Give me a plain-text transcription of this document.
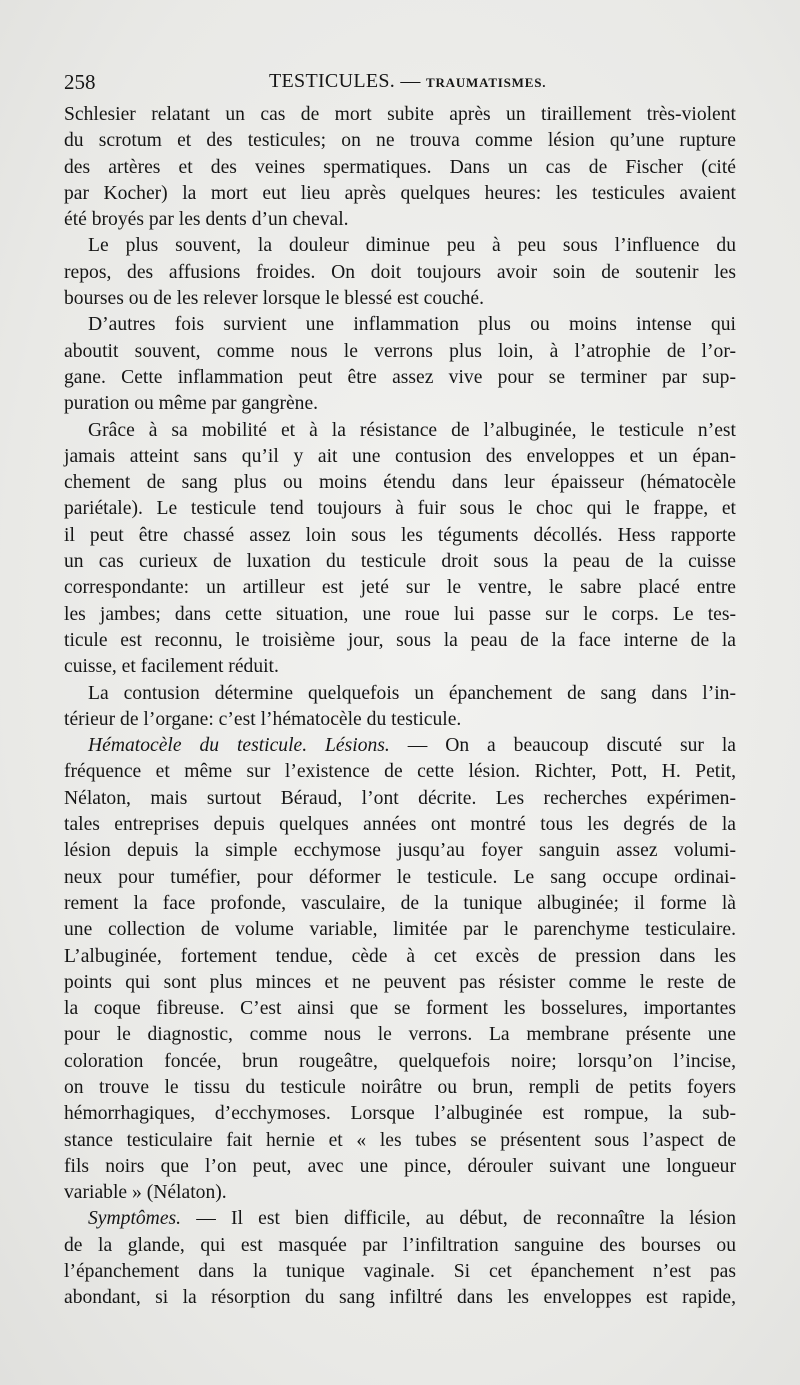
258	TESTICULES. — TRAUMATISMES.
Schlesier relatant un cas de mort subite après un tiraillement très-violent
du scrotum et des testicules; on ne trouva comme lésion qu’une rupture
des artères et des veines spermatiques. Dans un cas de Fischer (cité
par Kocher) la mort eut lieu après quelques heures: les testicules avaient
été broyés par les dents d’un cheval.
Le plus souvent, la douleur diminue peu à peu sous l’influence du
repos, des affusions froides. On doit toujours avoir soin de soutenir les
bourses ou de les relever lorsque le blessé est couché.
D’autres fois survient une inflammation plus ou moins intense qui
aboutit souvent, comme nous le verrons plus loin, à l’atrophie de l’or-
gane. Cette inflammation peut être assez vive pour se terminer par sup-
puration ou même par gangrène.
Grâce à sa mobilité et à la résistance de l’albuginée, le testicule n’est
jamais atteint sans qu’il y ait une contusion des enveloppes et un épan-
chement de sang plus ou moins étendu dans leur épaisseur (hématocèle
pariétale). Le testicule tend toujours à fuir sous le choc qui le frappe, et
il peut être chassé assez loin sous les téguments décollés. Hess rapporte
un cas curieux de luxation du testicule droit sous la peau de la cuisse
correspondante: un artilleur est jeté sur le ventre, le sabre placé entre
les jambes; dans cette situation, une roue lui passe sur le corps. Le tes-
ticule est reconnu, le troisième jour, sous la peau de la face interne de la
cuisse, et facilement réduit.
La contusion détermine quelquefois un épanchement de sang dans l’in-
térieur de l’organe: c’est l’hématocèle du testicule.
Hématocèle du testicule. Lésions. — On a beaucoup discuté sur la
fréquence et même sur l’existence de cette lésion. Richter, Pott, H. Petit,
Nélaton, mais surtout Béraud, l’ont décrite. Les recherches expérimen-
tales entreprises depuis quelques années ont montré tous les degrés de la
lésion depuis la simple ecchymose jusqu’au foyer sanguin assez volumi-
neux pour tuméfier, pour déformer le testicule. Le sang occupe ordinai-
rement la face profonde, vasculaire, de la tunique albuginée; il forme là
une collection de volume variable, limitée par le parenchyme testiculaire.
L’albuginée, fortement tendue, cède à cet excès de pression dans les
points qui sont plus minces et ne peuvent pas résister comme le reste de
la coque fibreuse. C’est ainsi que se forment les bosselures, importantes
pour le diagnostic, comme nous le verrons. La membrane présente une
coloration foncée, brun rougeâtre, quelquefois noire; lorsqu’on l’incise,
on trouve le tissu du testicule noirâtre ou brun, rempli de petits foyers
hémorrhagiques, d’ecchymoses. Lorsque l’albuginée est rompue, la sub-
stance testiculaire fait hernie et « les tubes se présentent sous l’aspect de
fils noirs que l’on peut, avec une pince, dérouler suivant une longueur
variable » (Nélaton).
Symptômes. — Il est bien difficile, au début, de reconnaître la lésion
de la glande, qui est masquée par l’infiltration sanguine des bourses ou
l’épanchement dans la tunique vaginale. Si cet épanchement n’est pas
abondant, si la résorption du sang infiltré dans les enveloppes est rapide,
